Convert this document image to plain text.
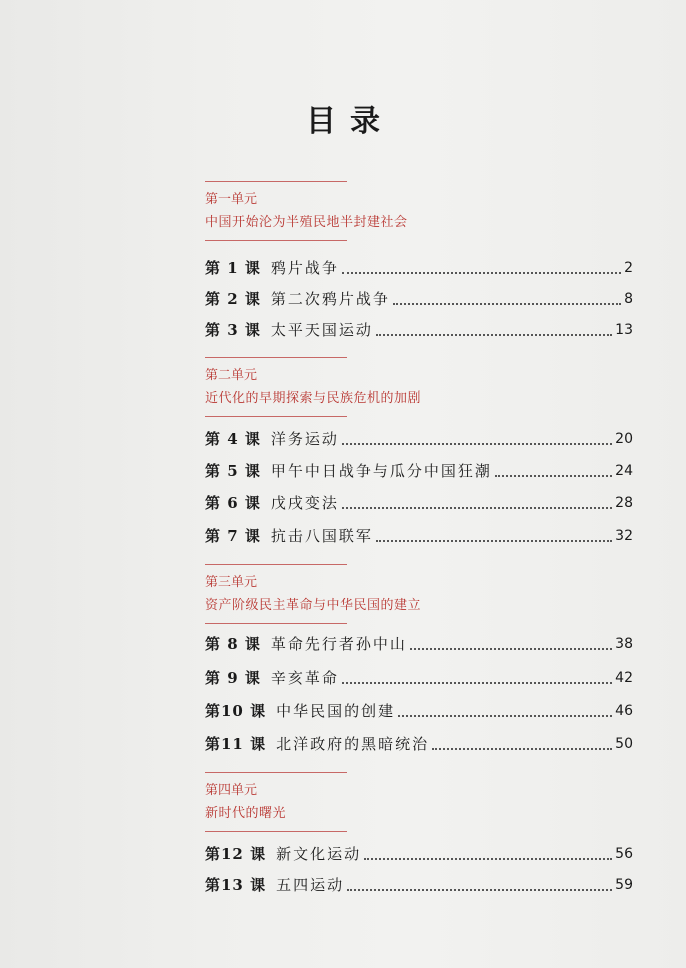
目录
第一单元
中国开始沦为半殖民地半封建社会
第 1 课 鸦片战争	2
第 2 课 第二次鸦片战争	8
第 3 课 太平天国运动	13
第二单元
近代化的早期探索与民族危机的加剧
第 4 课 洋务运动	20
第 5 课 甲午中日战争与瓜分中国狂潮	24
第 6 课 戊戌变法	28
第 7 课 抗击八国联军	32
第三单元
资产阶级民主革命与中华民国的建立
第 8 课 革命先行者孙中山	38
第 9 课 辛亥革命	42
第10 课 中华民国的创建	46
第11 课 北洋政府的黑暗统治	50
第四单元
新时代的曙光
第12 课 新文化运动	56
第13 课 五四运动	59
